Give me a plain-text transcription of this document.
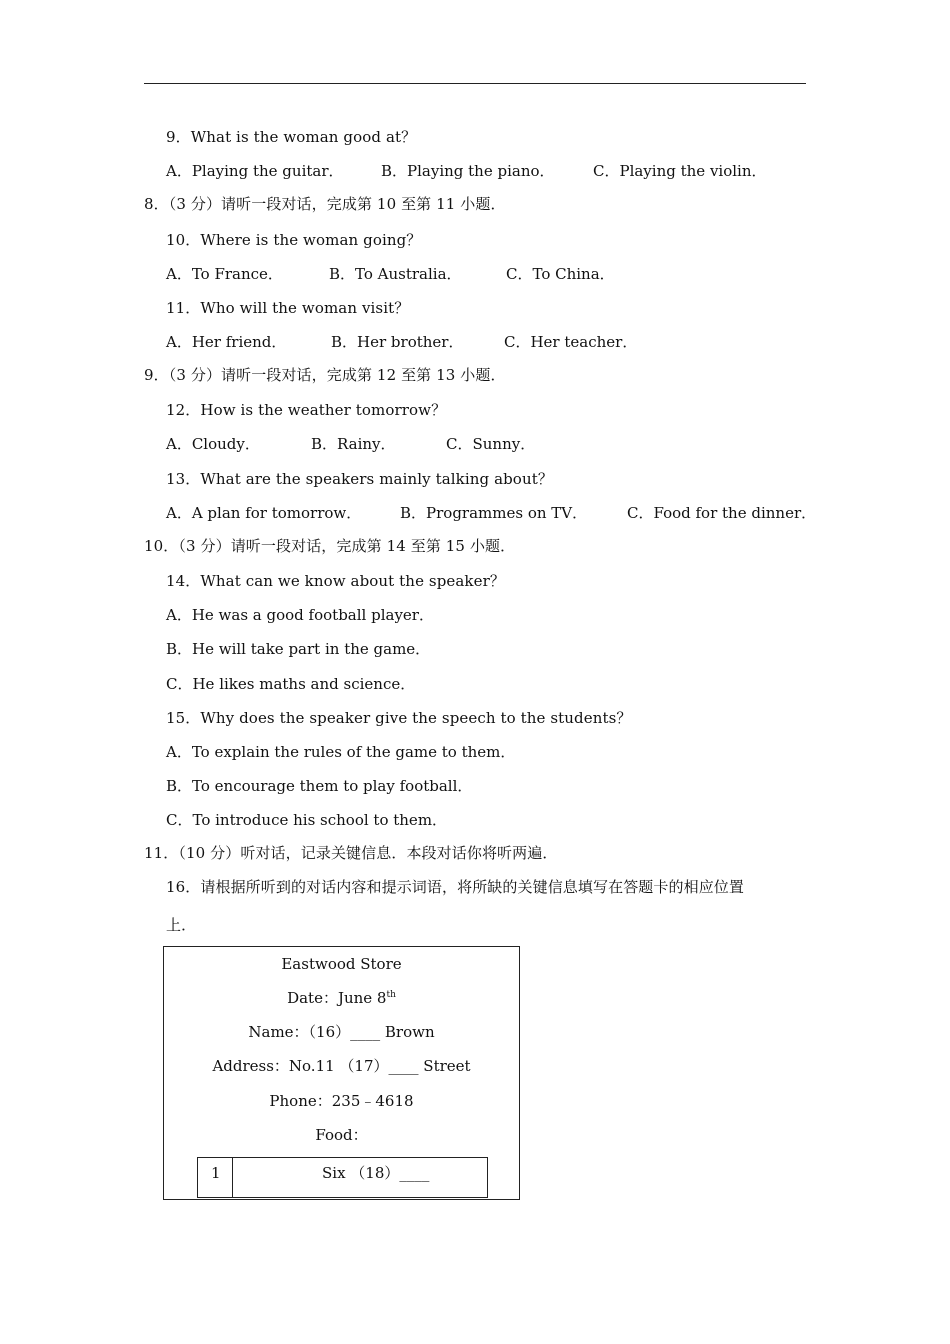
9．What is the woman good at？
A．Playing the guitar． B．Playing the piano．	C．Playing the violin．
8．（3 分）请听一段对话，完成第 10 至第 11 小题．
10．Where is the woman going？
A．To France．	B．To Australia．	C．To China．
11．Who will the woman visit？
A．Her friend．	B．Her brother．	C．Her teacher．
9．（3 分）请听一段对话，完成第 12 至第 13 小题．
12．How is the weather tomorrow？
A．Cloudy．	B．Rainy．	C．Sunny．
13．What are the speakers mainly talking about？
A．A plan for tomorrow．	B．Programmes on TV．	C．Food for the dinner．
10．（3 分）请听一段对话，完成第 14 至第 15 小题．
14．What can we know about the speaker？
A．He was a good football player．
B．He will take part in the game．
C．He likes maths and science．
15．Why does the speaker give the speech to the students？
A．To explain the rules of the game to them．
B．To encourage them to play football．
C．To introduce his school to them．
11．（10 分）听对话，记录关键信息．本段对话你将听两遍．
16．请根据所听到的对话内容和提示词语，将所缺的关键信息填写在答题卡的相应位置
上．
Eastwood Store
Date：June 8th
Name：（16）____ Brown
Address：No.11 （17）____ Street
Phone：235﹣4618
Food：
1	Six （18）____
